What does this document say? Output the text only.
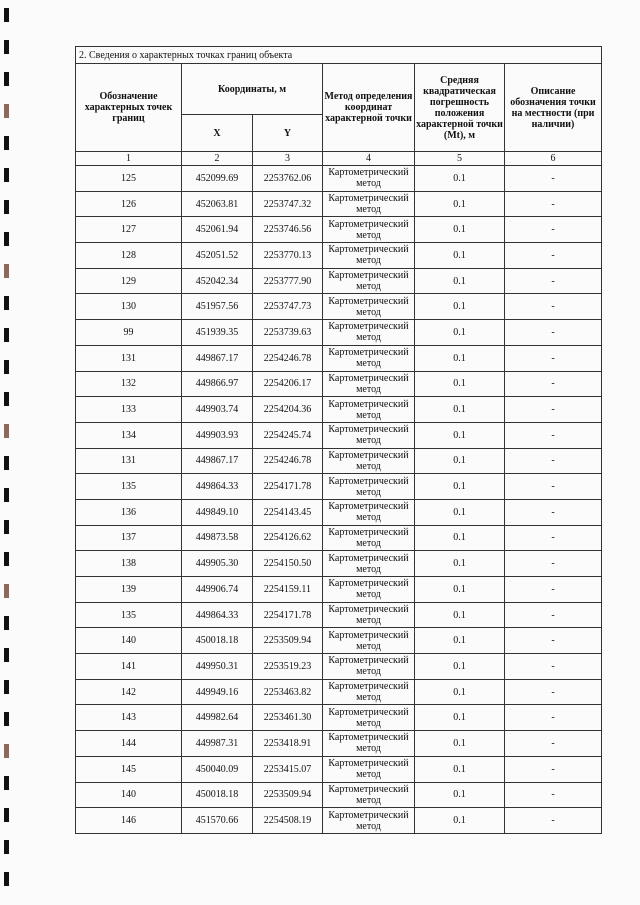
2. Сведения о характерных точках границ объекта					
Обозначение характерных точек границ	Координаты, м		Метод определения координат характерной точки	Средняя квадратическая погрешность положения характерной точки (Mt), м	Описание обозначения точки на местности (при наличии)
	X	Y			
1	2	3	4	5	6
125	452099.69	2253762.06	Картометрический метод	0.1	-
126	452063.81	2253747.32	Картометрический метод	0.1	-
127	452061.94	2253746.56	Картометрический метод	0.1	-
128	452051.52	2253770.13	Картометрический метод	0.1	-
129	452042.34	2253777.90	Картометрический метод	0.1	-
130	451957.56	2253747.73	Картометрический метод	0.1	-
99	451939.35	2253739.63	Картометрический метод	0.1	-
131	449867.17	2254246.78	Картометрический метод	0.1	-
132	449866.97	2254206.17	Картометрический метод	0.1	-
133	449903.74	2254204.36	Картометрический метод	0.1	-
134	449903.93	2254245.74	Картометрический метод	0.1	-
131	449867.17	2254246.78	Картометрический метод	0.1	-
135	449864.33	2254171.78	Картометрический метод	0.1	-
136	449849.10	2254143.45	Картометрический метод	0.1	-
137	449873.58	2254126.62	Картометрический метод	0.1	-
138	449905.30	2254150.50	Картометрический метод	0.1	-
139	449906.74	2254159.11	Картометрический метод	0.1	-
135	449864.33	2254171.78	Картометрический метод	0.1	-
140	450018.18	2253509.94	Картометрический метод	0.1	-
141	449950.31	2253519.23	Картометрический метод	0.1	-
142	449949.16	2253463.82	Картометрический метод	0.1	-
143	449982.64	2253461.30	Картометрический метод	0.1	-
144	449987.31	2253418.91	Картометрический метод	0.1	-
145	450040.09	2253415.07	Картометрический метод	0.1	-
140	450018.18	2253509.94	Картометрический метод	0.1	-
146	451570.66	2254508.19	Картометрический метод	0.1	-
